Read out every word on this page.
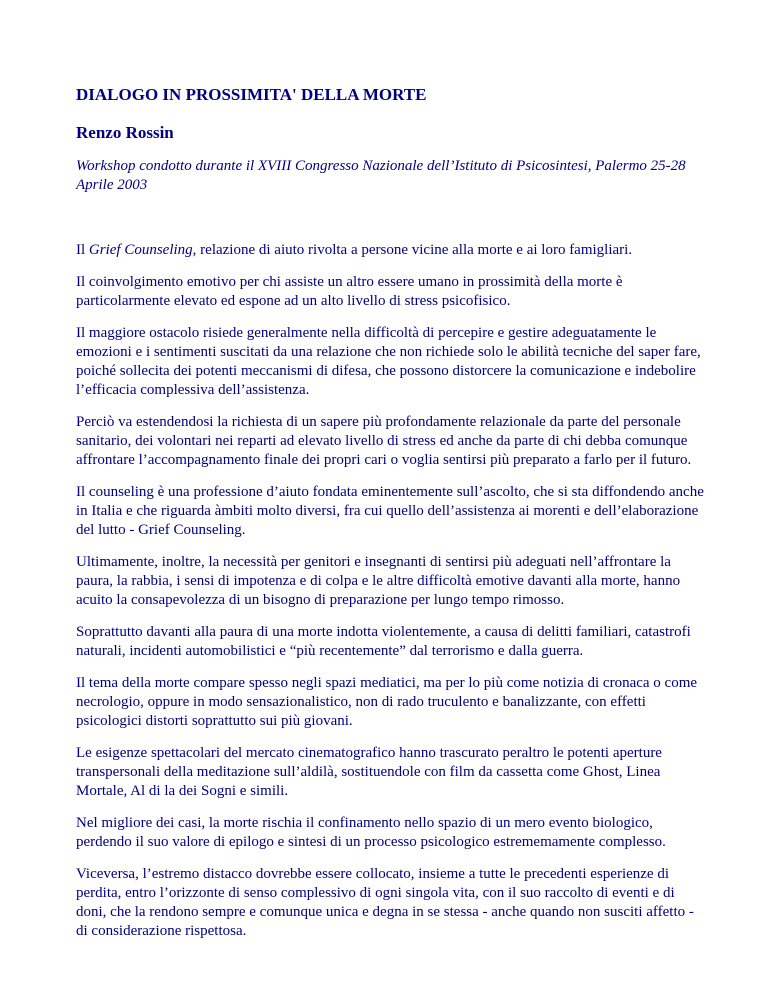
DIALOGO IN PROSSIMITA' DELLA MORTE
Renzo Rossin
Workshop condotto durante il XVIII Congresso Nazionale dell’Istituto di Psicosintesi, Palermo 25-28 Aprile 2003

Il Grief Counseling, relazione di aiuto rivolta a persone vicine alla morte e ai loro famigliari.

Il coinvolgimento emotivo per chi assiste un altro essere umano in prossimità della morte è particolarmente elevato ed espone ad un alto livello di stress psicofisico.

Il maggiore ostacolo risiede generalmente nella difficoltà di percepire e gestire adeguatamente le emozioni e i sentimenti suscitati da una relazione che non richiede solo le abilità tecniche del saper fare, poiché sollecita dei potenti meccanismi di difesa, che possono distorcere la comunicazione e indebolire l’efficacia complessiva dell’assistenza.

Perciò va estendendosi la richiesta di un sapere più profondamente relazionale da parte del personale sanitario, dei volontari nei reparti ad elevato livello di stress ed anche da parte di chi debba comunque affrontare l’accompagnamento finale dei propri cari o voglia sentirsi più preparato a farlo per il futuro.

Il counseling è una professione d’aiuto fondata eminentemente sull’ascolto, che si sta diffondendo anche in Italia e che riguarda àmbiti molto diversi, fra cui quello dell’assistenza ai morenti e dell’elaborazione del lutto - Grief Counseling.

Ultimamente, inoltre, la necessità per genitori e insegnanti di sentirsi più adeguati nell’affrontare la paura, la rabbia, i sensi di impotenza e di colpa e le altre difficoltà emotive davanti alla morte, hanno acuito la consapevolezza di un bisogno di preparazione per lungo tempo rimosso.

Soprattutto davanti alla paura di una morte indotta violentemente, a causa di delitti familiari, catastrofi naturali, incidenti automobilistici e “più recentemente” dal terrorismo e dalla guerra.

Il tema della morte compare spesso negli spazi mediatici, ma per lo più come notizia di cronaca o come necrologio, oppure in modo sensazionalistico, non di rado truculento e banalizzante, con effetti psicologici distorti soprattutto sui più giovani.

Le esigenze spettacolari del mercato cinematografico hanno trascurato peraltro le potenti aperture transpersonali della meditazione sull’aldilà, sostituendole con film da cassetta come Ghost, Linea Mortale, Al di la dei Sogni e simili.

Nel migliore dei casi, la morte rischia il confinamento nello spazio di un mero evento biologico, perdendo il suo valore di epilogo e sintesi di un processo psicologico estrememamente complesso.

Viceversa, l’estremo distacco dovrebbe essere collocato, insieme a tutte le precedenti esperienze di perdita, entro l’orizzonte di senso complessivo di ogni singola vita, con il suo raccolto di eventi e di doni, che la rendono sempre e comunque unica e degna in se stessa - anche quando non susciti affetto - di considerazione rispettosa.
